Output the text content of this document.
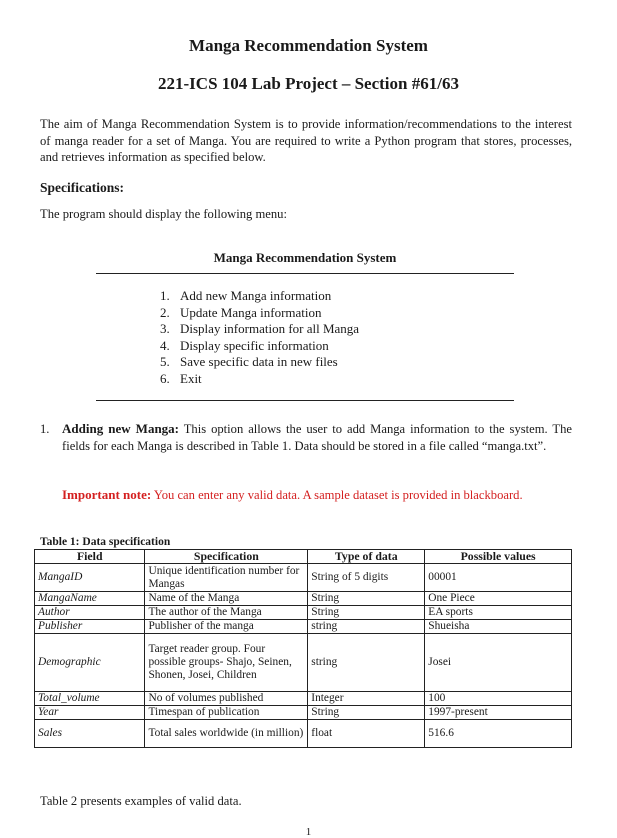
Manga Recommendation System
221-ICS 104 Lab Project – Section #61/63

The aim of Manga Recommendation System is to provide information/recommendations to the interest of manga reader for a set of Manga. You are required to write a Python program that stores, processes, and retrieves information as specified below.

Specifications:

The program should display the following menu:

Manga Recommendation System

1. Add new Manga information
2. Update Manga information
3. Display information for all Manga
4. Display specific information
5. Save specific data in new files
6. Exit
1. Adding new Manga: This option allows the user to add Manga information to the system. The fields for each Manga is described in Table 1. Data should be stored in a file called “manga.txt”.

Important note: You can enter any valid data. A sample dataset is provided in blackboard.

Table 1: Data specification

Field	Specification	Type of data	Possible values
MangaID	Unique identification number for Mangas	String of 5 digits	00001
MangaName	Name of the Manga	String	One Piece
Author	The author of the Manga	String	EA sports
Publisher	Publisher of the manga	string	Shueisha
Demographic	Target reader group. Four possible groups- Shajo, Seinen, Shonen, Josei, Children	string	Josei
Total_volume	No of volumes published	Integer	100
Year	Timespan of publication	String	1997-present
Sales	Total sales worldwide (in million)	float	516.6

Table 2 presents examples of valid data.

1
